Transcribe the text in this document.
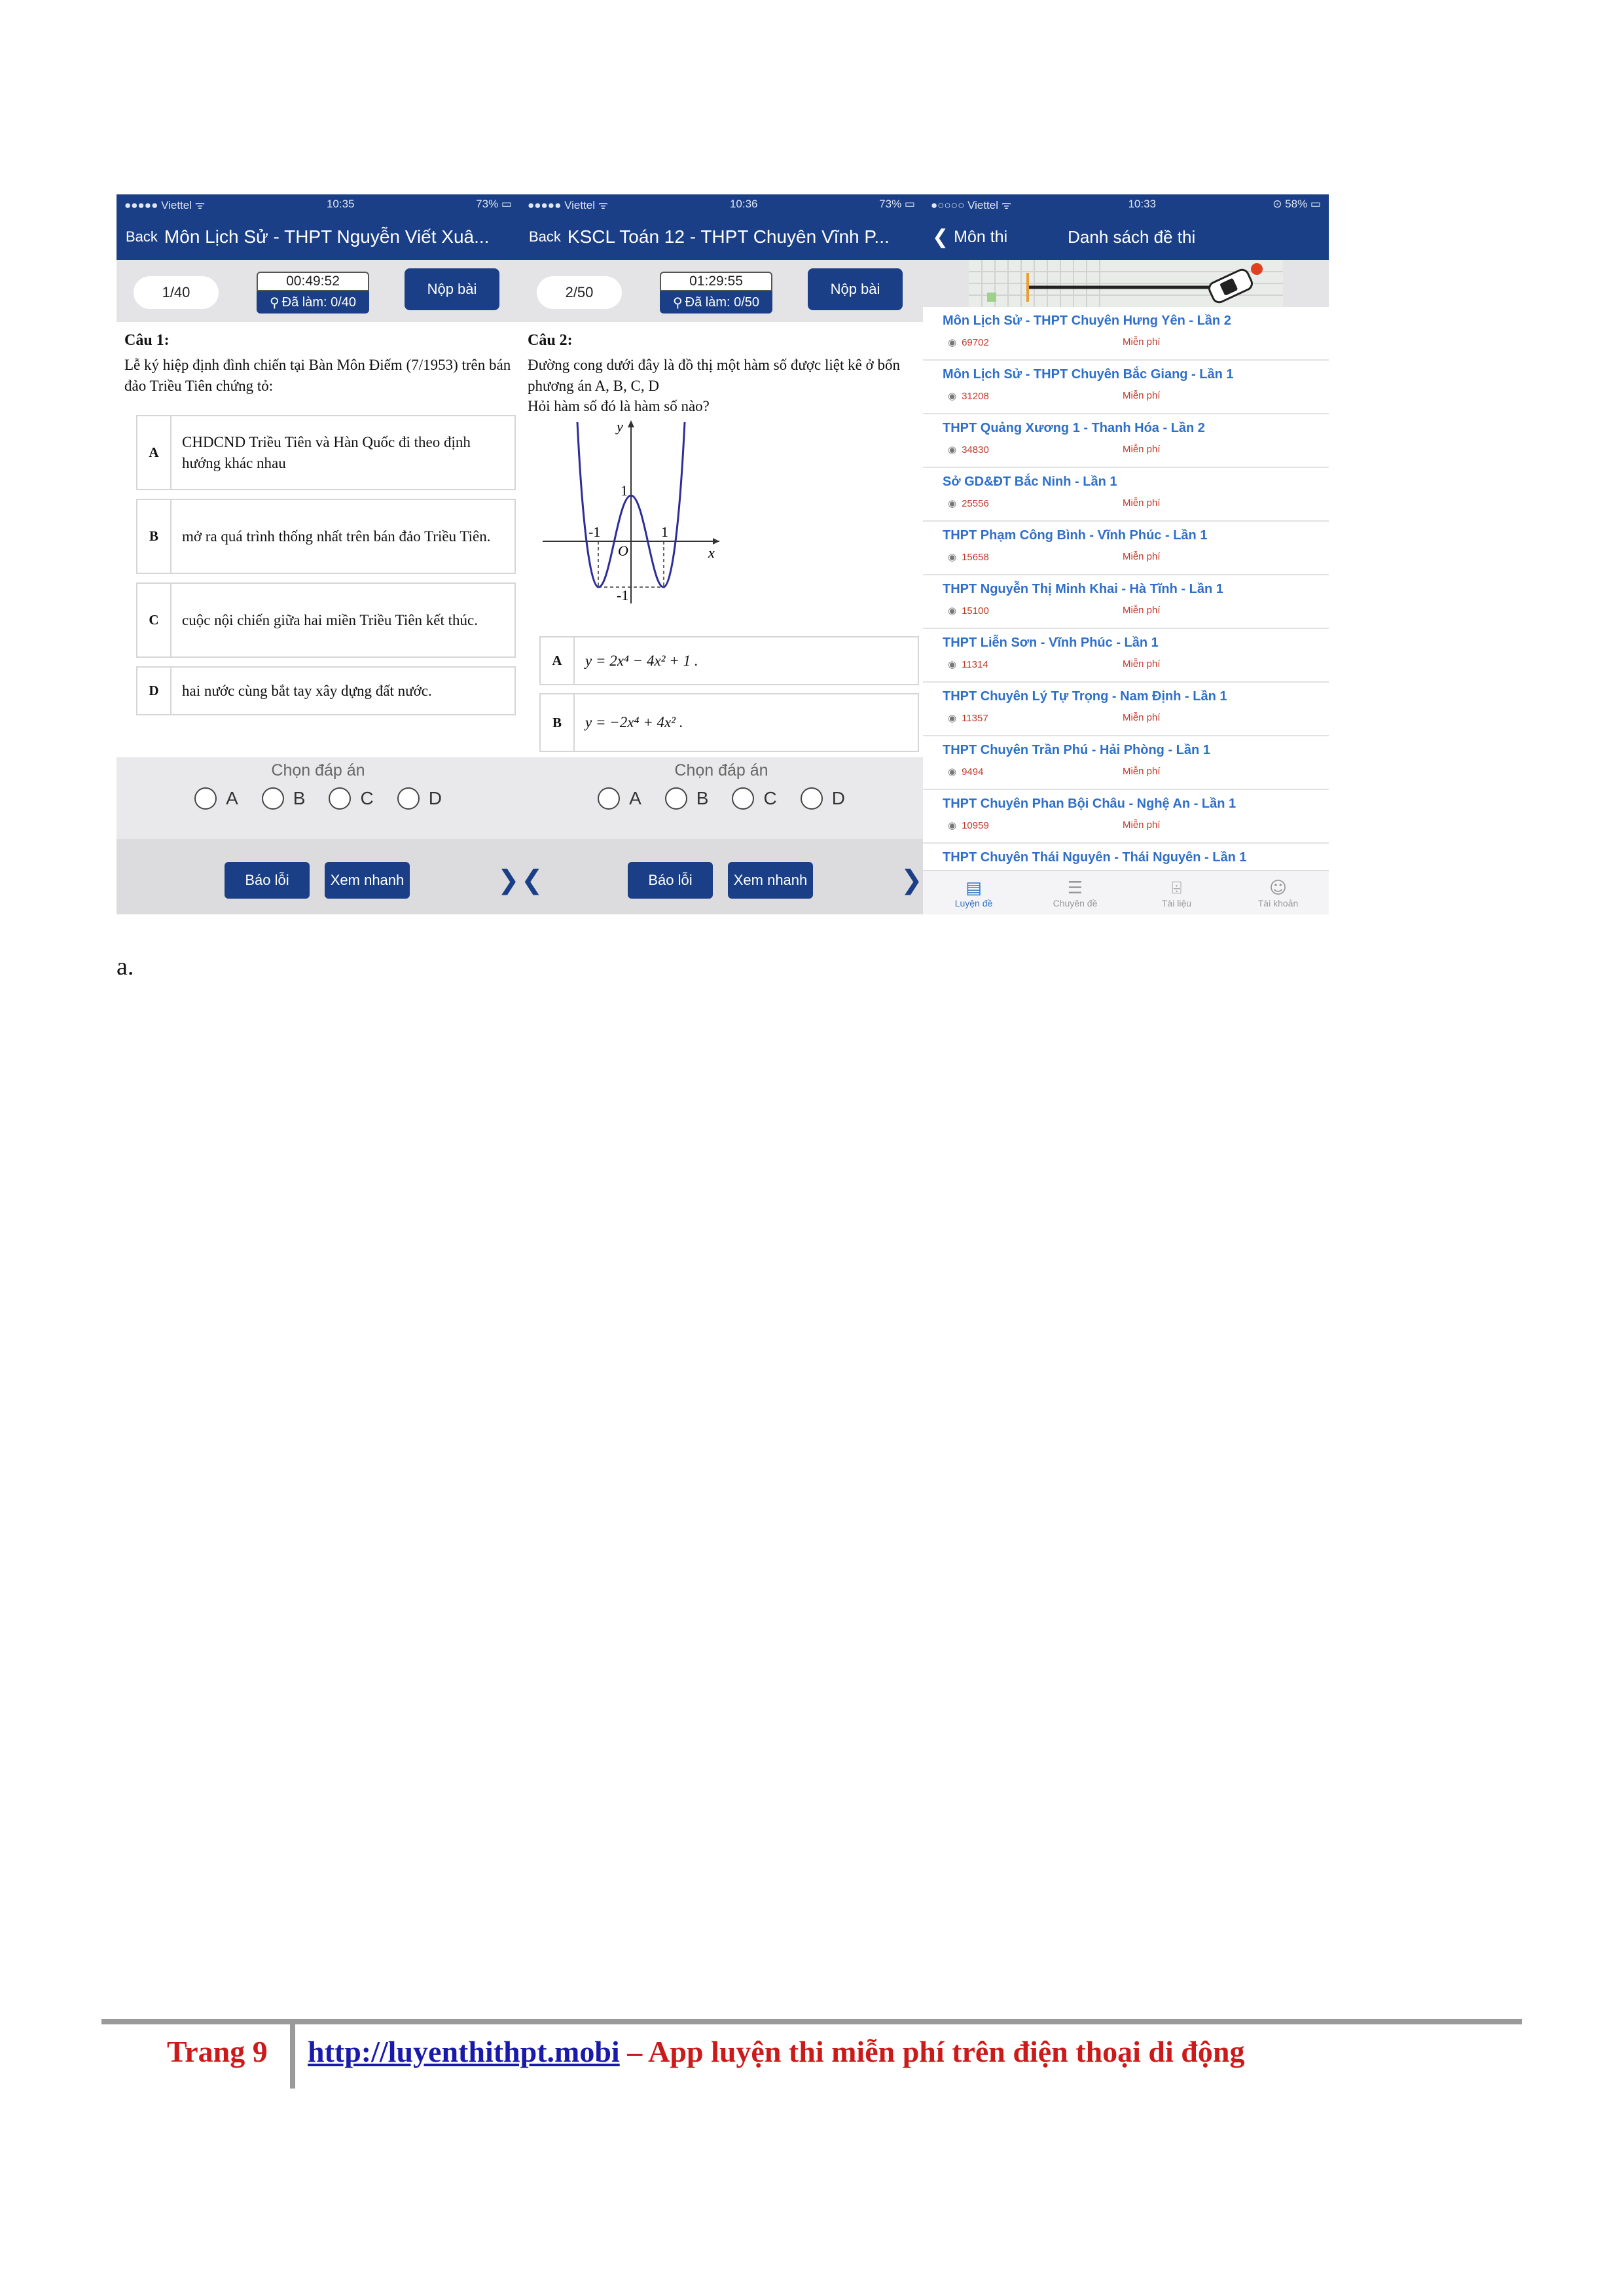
●●●●● Viettel ᯤ	10:35	73% ▭
Back Môn Lịch Sử - THPT Nguyễn Viết Xuâ...
1/40
00:49:52
⚲ Đã làm: 0/40
Nộp bài
Câu 1:
Lễ ký hiệp định đình chiến tại Bàn Môn Điếm (7/1953) trên bán đảo Triều Tiên chứng tỏ:
A
CHDCND Triều Tiên và Hàn Quốc đi theo định hướng khác nhau
B	mở ra quá trình thống nhất trên bán đảo Triều Tiên.
C	cuộc nội chiến giữa hai miền Triều Tiên kết thúc.
D	hai nước cùng bắt tay xây dựng đất nước.
Chọn đáp án
A	B	C	D
Báo lỗi	Xem nhanh	❯
●●●●● Viettel ᯤ	10:36	73% ▭
Back KSCL Toán 12 - THPT Chuyên Vĩnh P...
2/50
01:29:55
⚲ Đã làm: 0/50
Nộp bài
Câu 2:
Đường cong dưới đây là đồ thị một hàm số được liệt kê ở bốn phương án A, B, C, D
Hỏi hàm số đó là hàm số nào?
y
x
O
1
-1	1
-1
A	y = 2x⁴ − 4x² + 1 .
B	y = −2x⁴ + 4x² .
Chọn đáp án
A	B	C	D
❮	Báo lỗi	Xem nhanh	❯
●○○○○ Viettel ᯤ	10:33	⊙ 58% ▭
❮ Môn thi	Danh sách đề thi
Môn Lịch Sử - THPT Chuyên Hưng Yên - Lần 2
◉ 69702	Miễn phí
Môn Lịch Sử - THPT Chuyên Bắc Giang - Lần 1
◉ 31208	Miễn phí
THPT Quảng Xương 1 - Thanh Hóa - Lần 2
◉ 34830	Miễn phí
Sở GD&ĐT Bắc Ninh - Lần 1
◉ 25556	Miễn phí
THPT Phạm Công Bình - Vĩnh Phúc - Lần 1
◉ 15658	Miễn phí
THPT Nguyễn Thị Minh Khai - Hà Tĩnh - Lần 1
◉ 15100	Miễn phí
THPT Liễn Sơn - Vĩnh Phúc - Lần 1
◉ 11314	Miễn phí
THPT Chuyên Lý Tự Trọng - Nam Định - Lần 1
◉ 11357	Miễn phí
THPT Chuyên Trần Phú - Hải Phòng - Lần 1
◉ 9494	Miễn phí
THPT Chuyên Phan Bội Châu - Nghệ An - Lần 1
◉ 10959	Miễn phí
THPT Chuyên Thái Nguyên - Thái Nguyên - Lần 1
▤
Luyện đề
☰
Chuyên đề
⌹
Tài liệu
☺
Tài khoản
a.
Trang 9 http://luyenthithpt.mobi – App luyện thi miễn phí trên điện thoại di động
